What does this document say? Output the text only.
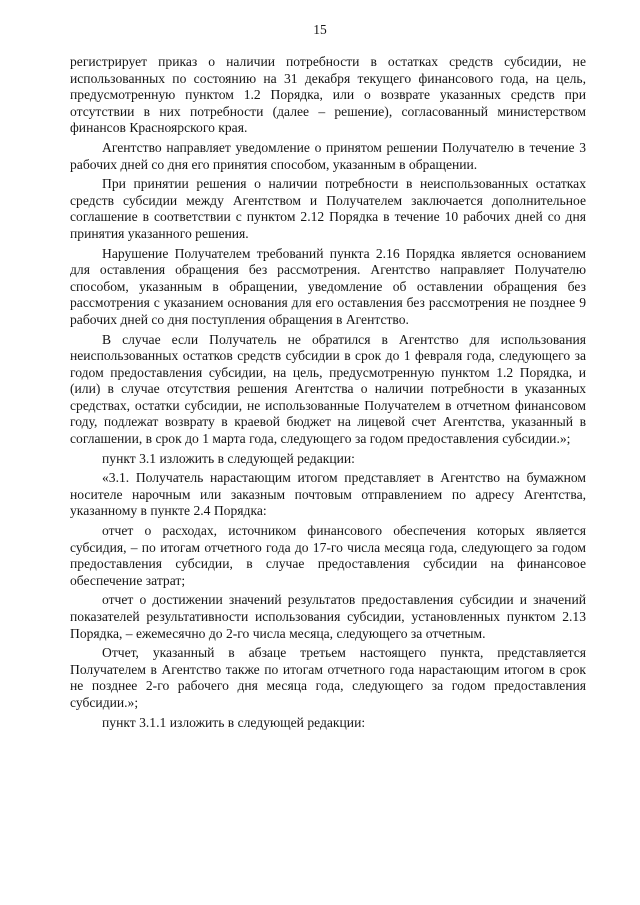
15

регистрирует приказ о наличии потребности в остатках средств субсидии, не использованных по состоянию на 31 декабря текущего финансового года, на цель, предусмотренную пунктом 1.2 Порядка, или о возврате указанных средств при отсутствии в них потребности (далее – решение), согласованный министерством финансов Красноярского края.

Агентство направляет уведомление о принятом решении Получателю в течение 3 рабочих дней со дня его принятия способом, указанным в обращении.

При принятии решения о наличии потребности в неиспользованных остатках средств субсидии между Агентством и Получателем заключается дополнительное соглашение в соответствии с пунктом 2.12 Порядка в течение 10 рабочих дней со дня принятия указанного решения.

Нарушение Получателем требований пункта 2.16 Порядка является основанием для оставления обращения без рассмотрения. Агентство направляет Получателю способом, указанным в обращении, уведомление об оставлении обращения без рассмотрения с указанием основания для его оставления без рассмотрения не позднее 9 рабочих дней со дня поступления обращения в Агентство.

В случае если Получатель не обратился в Агентство для использования неиспользованных остатков средств субсидии в срок до 1 февраля года, следующего за годом предоставления субсидии, на цель, предусмотренную пунктом 1.2 Порядка, и (или) в случае отсутствия решения Агентства о наличии потребности в указанных средствах, остатки субсидии, не использованные Получателем в отчетном финансовом году, подлежат возврату в краевой бюджет на лицевой счет Агентства, указанный в соглашении, в срок до 1 марта года, следующего за годом предоставления субсидии.»;

пункт 3.1 изложить в следующей редакции:

«3.1. Получатель нарастающим итогом представляет в Агентство на бумажном носителе нарочным или заказным почтовым отправлением по адресу Агентства, указанному в пункте 2.4 Порядка:

отчет о расходах, источником финансового обеспечения которых является субсидия, – по итогам отчетного года до 17-го числа месяца года, следующего за годом предоставления субсидии, в случае предоставления субсидии на финансовое обеспечение затрат;

отчет о достижении значений результатов предоставления субсидии и значений показателей результативности использования субсидии, установленных пунктом 2.13 Порядка, – ежемесячно до 2-го числа месяца, следующего за отчетным.

Отчет, указанный в абзаце третьем настоящего пункта, представляется Получателем в Агентство также по итогам отчетного года нарастающим итогом в срок не позднее 2-го рабочего дня месяца года, следующего за годом предоставления субсидии.»;

пункт 3.1.1 изложить в следующей редакции:
